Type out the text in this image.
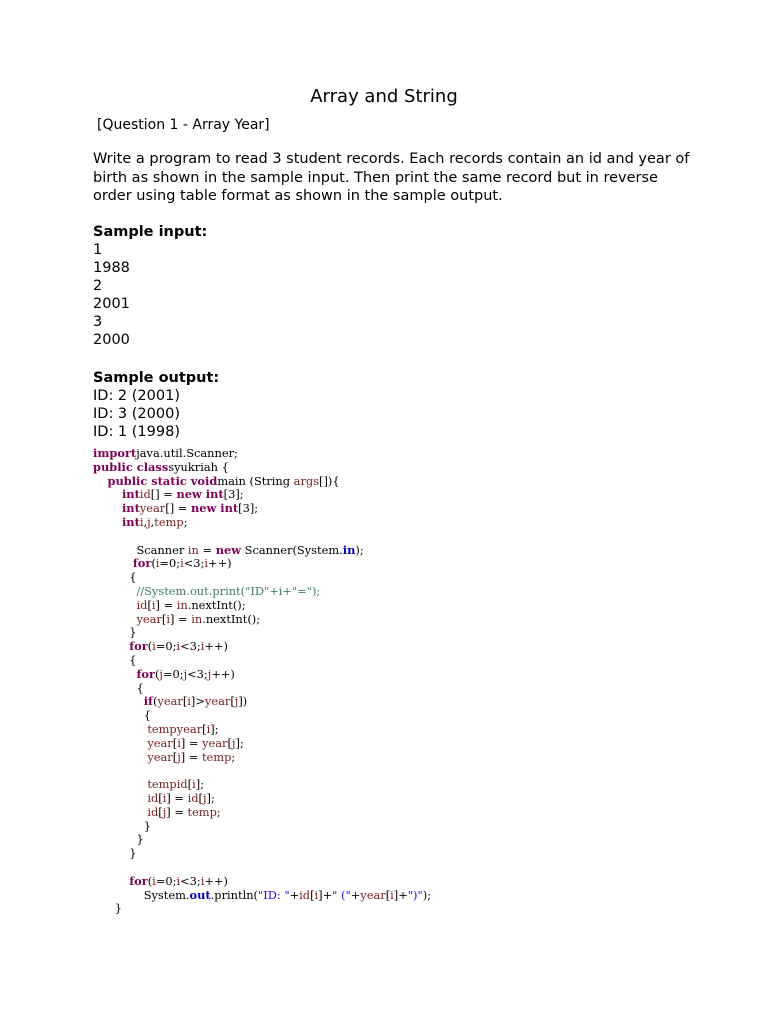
Array and String
[Question 1 - Array Year]
Write a program to read 3 student records. Each records contain an id and year of birth as shown in the sample input. Then print the same record but in reverse order using table format as shown in the sample output.
Sample input:
1
1988
2
2001
3
2000
Sample output:
ID: 2 (2001)
ID: 3 (2000)
ID: 1 (1998)
importjava.util.Scanner;
public classsyukriah {
public static voidmain (String args[]){
intid[] = new int[3];
intyear[] = new int[3];
inti,j,temp;
Scanner in = new Scanner(System.in);
for(i=0;i<3;i++)
{
//System.out.print("ID"+i+"=");
id[i] = in.nextInt();
year[i] = in.nextInt();
}
for(i=0;i<3;i++)
{
for(j=0;j<3;j++)
{
if(year[i]>year[j])
{
tempyear[i];
year[i] = year[j];
year[j] = temp;
tempid[i];
id[i] = id[j];
id[j] = temp;
}
}
}
for(i=0;i<3;i++)
System.out.println("ID: "+id[i]+" ("+year[i]+")");
}
